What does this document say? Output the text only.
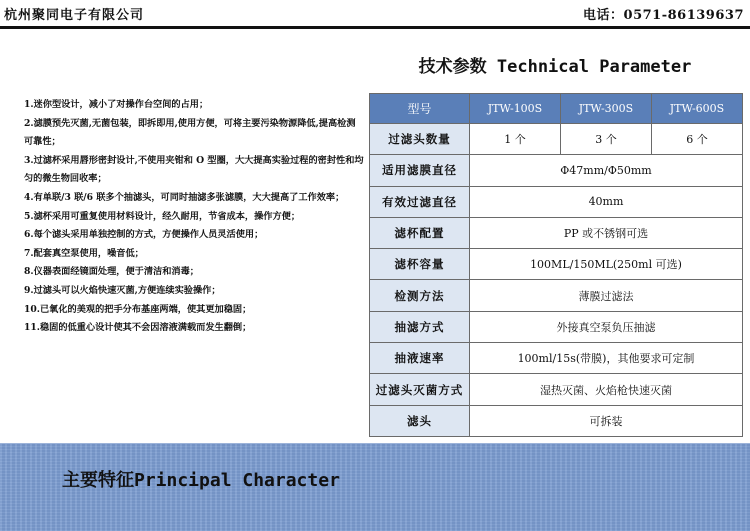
杭州聚同电子有限公司	电话：0571-86139637
技术参数 Technical Parameter
1.迷你型设计，减小了对操作台空间的占用；
2.滤膜预先灭菌,无菌包装，即拆即用,使用方便，可将主要污染物源降低,提高检测可靠性；
3.过滤杯采用唇形密封设计,不使用夹钳和 O 型圈，大大提高实验过程的密封性和均匀的微生物回收率；
4.有单联/3 联/6 联多个抽滤头，可同时抽滤多张滤膜，大大提高了工作效率；
5.滤杯采用可重复使用材料设计，经久耐用，节省成本，操作方便；
6.每个滤头采用单独控制的方式，方便操作人员灵活使用；
7.配套真空泵使用，噪音低；
8.仪器表面经镜面处理，便于清洁和消毒；
9.过滤头可以火焰快速灭菌,方便连续实验操作；
10.已氧化的美观的把手分布基座两端，使其更加稳固；
11.稳固的低重心设计使其不会因溶液满载而发生翻倒；
型号	JTW-100S	JTW-300S	JTW-600S
过滤头数量	1 个	3 个	6 个
适用滤膜直径	Φ47mm/Φ50mm		
有效过滤直径	40mm		
滤杯配置	PP 或不锈钢可选		
滤杯容量	100ML/150ML(250ml 可选)		
检测方法	薄膜过滤法		
抽滤方式	外接真空泵负压抽滤		
抽液速率	100ml/15s(带膜)，其他要求可定制		
过滤头灭菌方式	湿热灭菌、火焰枪快速灭菌		
滤头	可拆装		
主要特征Principal Character
